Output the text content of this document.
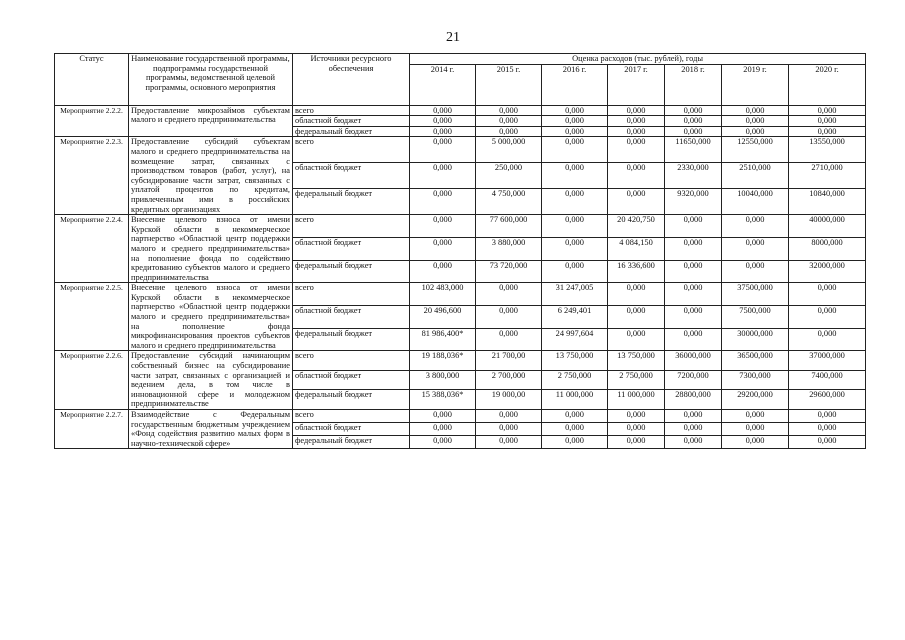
21
Статус	Наименование государственной программы, подпрограммы государственной программы, ведомственной целевой программы, основного мероприятия	Источники ресурсного обеспечения	Оценка расходов (тыс. рублей), годы						
			2014 г.	2015 г.	2016 г.	2017 г.	2018 г.	2019 г.	2020 г.
Мероприятие 2.2.2.	Предоставление микрозаймов субъектам малого и среднего предпринимательства	всего	0,000	0,000	0,000	0,000	0,000	0,000	0,000
		областной бюджет	0,000	0,000	0,000	0,000	0,000	0,000	0,000
		федеральный бюджет	0,000	0,000	0,000	0,000	0,000	0,000	0,000
Мероприятие 2.2.3.	Предоставление субсидий субъектам малого и среднего предпринимательства на возмещение затрат, связанных с производством товаров (работ, услуг), на субсидирование части затрат, связанных с уплатой процентов по кредитам, привлеченным ими в российских кредитных организациях	всего	0,000	5 000,000	0,000	0,000	11650,000	12550,000	13550,000
		областной бюджет	0,000	250,000	0,000	0,000	2330,000	2510,000	2710,000
		федеральный бюджет	0,000	4 750,000	0,000	0,000	9320,000	10040,000	10840,000
Мероприятие 2.2.4.	Внесение целевого взноса от имени Курской области в некоммерческое партнерство «Областной центр поддержки малого и среднего предпринимательства» на пополнение фонда по содействию кредитованию субъектов малого и среднего предпринимательства	всего	0,000	77 600,000	0,000	20 420,750	0,000	0,000	40000,000
		областной бюджет	0,000	3 880,000	0,000	4 084,150	0,000	0,000	8000,000
		федеральный бюджет	0,000	73 720,000	0,000	16 336,600	0,000	0,000	32000,000
Мероприятие 2.2.5.	Внесение целевого взноса от имени Курской области в некоммерческое партнерство «Областной центр поддержки малого и среднего предпринимательства» на пополнение фонда микрофинансирования проектов субъектов малого и среднего предпринимательства	всего	102 483,000	0,000	31 247,005	0,000	0,000	37500,000	0,000
		областной бюджет	20 496,600	0,000	6 249,401	0,000	0,000	7500,000	0,000
		федеральный бюджет	81 986,400*	0,000	24 997,604	0,000	0,000	30000,000	0,000
Мероприятие 2.2.6.	Предоставление субсидий начинающим собственный бизнес на субсидирование части затрат, связанных с организацией и ведением дела, в том числе в инновационной сфере и молодежном предпринимательстве	всего	19 188,036*	21 700,00	13 750,000	13 750,000	36000,000	36500,000	37000,000
		областной бюджет	3 800,000	2 700,000	2 750,000	2 750,000	7200,000	7300,000	7400,000
		федеральный бюджет	15 388,036*	19 000,00	11 000,000	11 000,000	28800,000	29200,000	29600,000
Мероприятие 2.2.7.	Взаимодействие с Федеральным государственным бюджетным учреждением «Фонд содействия развитию малых форм в научно-технической сфере»	всего	0,000	0,000	0,000	0,000	0,000	0,000	0,000
		областной бюджет	0,000	0,000	0,000	0,000	0,000	0,000	0,000
		федеральный бюджет	0,000	0,000	0,000	0,000	0,000	0,000	0,000
